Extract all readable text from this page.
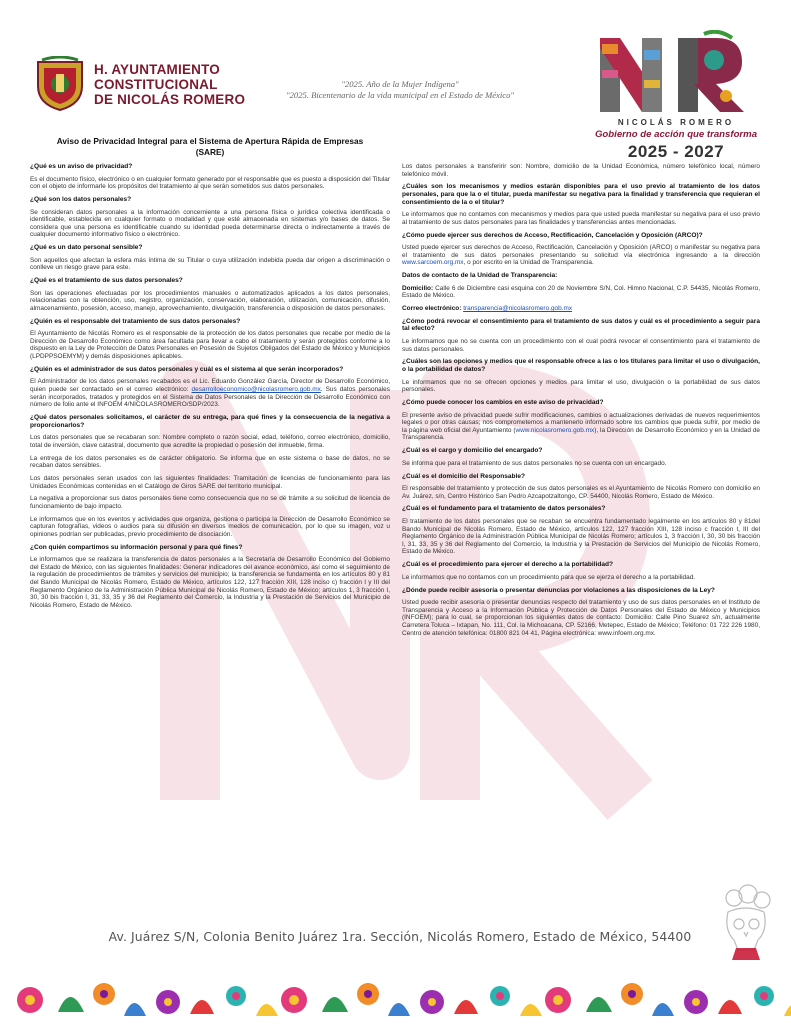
H. AYUNTAMIENTO
CONSTITUCIONAL
DE NICOLÁS ROMERO
"2025. Año de la Mujer Indígena"
"2025. Bicentenario de la vida municipal en el Estado de México"
NICOLÁS ROMERO
Gobierno de acción que transforma
2025 - 2027
Aviso de Privacidad Integral para el Sistema de Apertura Rápida de Empresas
(SARE)
¿Qué es un aviso de privacidad?

Es el documento físico, electrónico o en cualquier formato generado por el responsable que es puesto a disposición del Titular con el objeto de informarle los propósitos del tratamiento al que serán sometidos sus datos personales.

¿Qué son los datos personales?

Se consideran datos personales a la información concerniente a una persona física o jurídica colectiva identificada o identificable, establecida en cualquier formato o modalidad y que esté almacenada en sistemas y/o bases de datos. Se considera que una persona es identificable cuando su identidad pueda determinarse directa o indirectamente a través de cualquier documento informativo físico o electrónico.

¿Qué es un dato personal sensible?

Son aquellos que afectan la esfera más íntima de su Titular o cuya utilización indebida pueda dar origen a discriminación o conlleve un riesgo grave para este.

¿Qué es el tratamiento de sus datos personales?

Son las operaciones efectuadas por los procedimientos manuales o automatizados aplicados a los datos personales, relacionadas con la obtención, uso, registro, organización, conservación, elaboración, utilización, comunicación, difusión, almacenamiento, posesión, acceso, manejo, aprovechamiento, divulgación, transferencia o disposición de datos personales.

¿Quién es el responsable del tratamiento de sus datos personales?

El Ayuntamiento de Nicolás Romero es el responsable de la protección de los datos personales que recabe por medio de la Dirección de Desarrollo Económico como área facultada para llevar a cabo el tratamiento y serán protegidos conforme a lo dispuesto en la Ley de Protección de Datos Personales en Posesión de Sujetos Obligados del Estado de México y Municipios (LPDPPSOEMYM) y demás disposiciones aplicables.

¿Quién es el administrador de sus datos personales y cuál es el sistema al que serán incorporados?

El Administrador de los datos personales recabados es el Lic. Eduardo González García, Director de Desarrollo Económico, quien puede ser contactado en el correo electrónico: desarrolloeconomico@nicolasromero.gob.mx. Sus datos personales serán incorporados, tratados y protegidos en el Sistema de Datos Personales de la Dirección de Desarrollo Económico con número de folio ante el INFOEM 4/NICOLASROMERO/SDP/2023.

¿Qué datos personales solicitamos, el carácter de su entrega, para qué fines y la consecuencia de la negativa a proporcionarlos?

Los datos personales que se recabaran son: Nombre completo o razón social, edad, teléfono, correo electrónico, domicilio, total de inversión, clave catastral, documento que acredite la propiedad o posesión del inmueble, firma.

La entrega de los datos personales es de carácter obligatorio. Se informa que en este sistema o base de datos, no se recaban datos sensibles.

Los datos personales seran usados con las siguientes finalidades: Tramitación de licencias de funcionamiento para las Unidades Económicas contenidas en el Catálogo de Giros SARE del territorio municipal.

La negativa a proporcionar sus datos personales tiene como consecuencia que no se dé trámite a su solicitud de licencia de funcionamiento de bajo impacto.

Le informamos que en los eventos y actividades que organiza, gestiona o participa la Dirección de Desarrollo Económico se capturan fotografías, videos o audios para su difusión en diversos medios de comunicación, por lo que su imagen, voz u opiniones podrían ser publicadas, previo procedimiento de disociación.

¿Con quién compartimos su información personal y para qué fines?

Le informamos que se realizara la transferencia de datos personales a la Secretaría de Desarrollo Económico del Gobierno del Estado de México, con las siguientes finalidades: Generar indicadores del avance económico, así como el seguimiento de la regulación de procedimientos de trámites y servicios del municipio; la transferencia se fundamenta en los artículos 80 y 81 del Bando Municipal de Nicolás Romero, Estado de México, artículos 122, 127 fracción XIII, 128 inciso c) fracción I y III del Reglamento Orgánico de la Administración Pública Municipal de Nicolás Romero, Estado de México; artículos 1, 3 fracción I, 30, 30 bis fracción I, 31, 33, 35 y 36 del Reglamento del Comercio, la Industria y la Prestación de Servicios del Municipio de Nicolás Romero, Estado de México.

Los datos personales a transferirir son: Nombre, domicilio de la Unidad Económica, número telefónico local, número telefónico móvil.

¿Cuáles son los mecanismos y medios estarán disponibles para el uso previo al tratamiento de los datos personales, para que la o el titular, pueda manifestar su negativa para la finalidad y transferencia que requieran el consentimiento de la o el titular?

Le informamos que no contamos con mecanismos y medios para que usted pueda manifestar su negativa para el uso previo al tratamiento de sus datos personales para las finalidades y transferencias antes mencionadas.

¿Cómo puede ejercer sus derechos de Acceso, Rectificación, Cancelación y Oposición (ARCO)?

Usted puede ejercer sus derechos de Acceso, Rectificación, Cancelación y Oposición (ARCO) o manifestar su negativa para el tratamiento de sus datos personales presentando su solicitud vía electrónica ingresando a la dirección www.sarcoem.org.mx, o por escrito en la Unidad de Transparencia.

Datos de contacto de la Unidad de Transparencia:

Domicilio: Calle 6 de Diciembre casi esquina con 20 de Noviembre S/N, Col. Himno Nacional, C.P. 54435, Nicolás Romero, Estado de México.

Correo electrónico: transparencia@nicolasromero.gob.mx

¿Cómo podrá revocar el consentimiento para el tratamiento de sus datos y cuál es el procedimiento a seguir para tal efecto?

Le informamos que no se cuenta con un procedimiento con el cual podrá revocar el consentimiento para el tratamiento de sus datos personales.

¿Cuáles son las opciones y medios que el responsable ofrece a las o los titulares para limitar el uso o divulgación, o la portabilidad de datos?

Le informamos que no se ofrecen opciones y medios para limitar el uso, divulgación o la portabilidad de sus datos personales.

¿Cómo puede conocer los cambios en este aviso de privacidad?

El presente aviso de privacidad puede sufrir modificaciones, cambios o actualizaciones derivadas de nuevos requerimientos legales o por otras causas; nos comprometemos a mantenerlo informado sobre los cambios que pueda sufrir, por medio de la página web oficial del Ayuntamiento (www.nicolasromero.gob.mx), la Dirección de Desarrollo Económico y en la Unidad de Transparencia.

¿Cuál es el cargo y domicilio del encargado?

Se informa que para el tratamiento de sus datos personales no se cuenta con un encargado.

¿Cuál es el domicilio del Responsable?

El responsable del tratamiento y protección de sus datos personales es el Ayuntamiento de Nicolás Romero con domicilio en Av. Juárez, s/n, Centro Histórico San Pedro Azcapotzaltongo, CP. 54400, Nicolás Romero, Estado de México.

¿Cuál es el fundamento para el tratamiento de datos personales?

El tratamiento de los datos personales que se recaban se encuentra fundamentado legalmente en los artículos 80 y 81del Bando Municipal de Nicolás Romero, Estado de México, artículos 122, 127 fracción XIII, 128 inciso c fracción I, III del Reglamento Orgánico de la Administración Pública Municipal de Nicolás Romero; artículos 1, 3 fracción I, 30, 30 bis fracción I, 31, 33, 35 y 36 del Reglamento del Comercio, la Industria y la Prestación de Servicios del Municipio de Nicolás Romero, Estado de México.

¿Cuál es el procedimiento para ejercer el derecho a la portabilidad?

Le informamos que no contamos con un procedimiento para que se ejerza el derecho a la portabilidad.

¿Dónde puede recibir asesoría o presentar denuncias por violaciones a las disposiciones de la Ley?

Usted puede recibir asesoría o presentar denuncias respecto del tratamiento y uso de sus datos personales en el Instituto de Transparencia y Acceso a la Información Pública y Protección de Datos Personales del Estado de México y Municipios (INFOEM); para lo cual, se proporcionan los siguientes datos de contacto: Domicilio: Calle Pino Suarez s/n, actualmente Carretera Toluca – Ixtapan, No. 111, Col. la Michoacana, CP. 52166, Metepec, Estado de México; Teléfono: 01 722 226 1980, Centro de atención telefónica: 01800 821 04 41, Página electrónica: www.infoem.org.mx.

Av. Juárez S/N, Colonia Benito Juárez 1ra. Sección, Nicolás Romero, Estado de México, 54400
